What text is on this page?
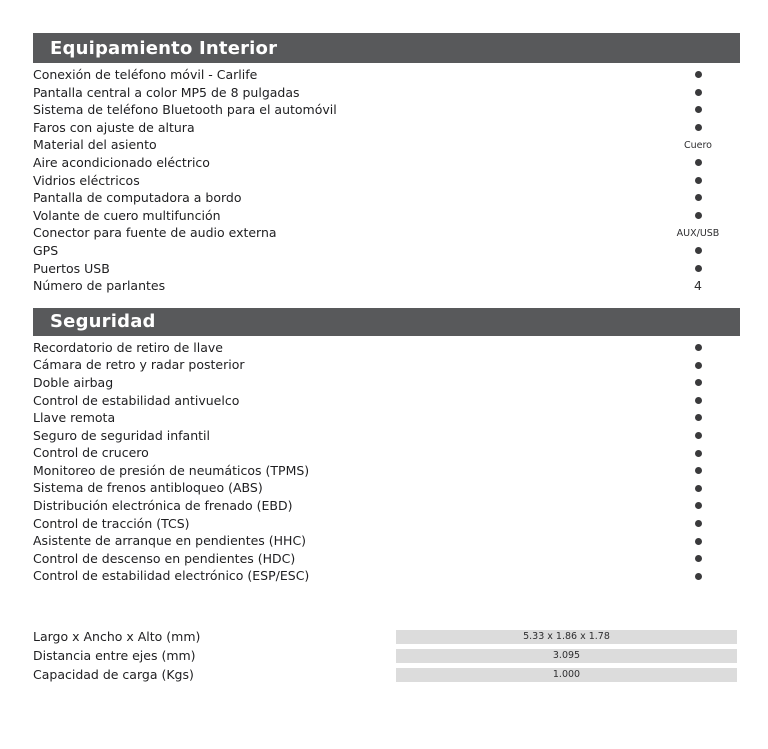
Equipamiento Interior
Conexión de teléfono móvil - Carlife
Pantalla central a color MP5 de 8 pulgadas
Sistema de teléfono Bluetooth para el automóvil
Faros con ajuste de altura
Material del asiento	Cuero
Aire acondicionado eléctrico
Vidrios eléctricos
Pantalla de computadora a bordo
Volante de cuero multifunción
Conector para fuente de audio externa	AUX/USB
GPS
Puertos USB
Número de parlantes	4
Seguridad
Recordatorio de retiro de llave
Cámara de retro y radar posterior
Doble airbag
Control de estabilidad antivuelco
Llave remota
Seguro de seguridad infantil
Control de crucero
Monitoreo de presión de neumáticos (TPMS)
Sistema de frenos antibloqueo (ABS)
Distribución electrónica de frenado (EBD)
Control de tracción (TCS)
Asistente de arranque en pendientes (HHC)
Control de descenso en pendientes (HDC)
Control de estabilidad electrónico (ESP/ESC)
Largo x Ancho x Alto (mm)	5.33 x 1.86 x 1.78
Distancia entre ejes (mm)	3.095
Capacidad de carga (Kgs)	1.000
